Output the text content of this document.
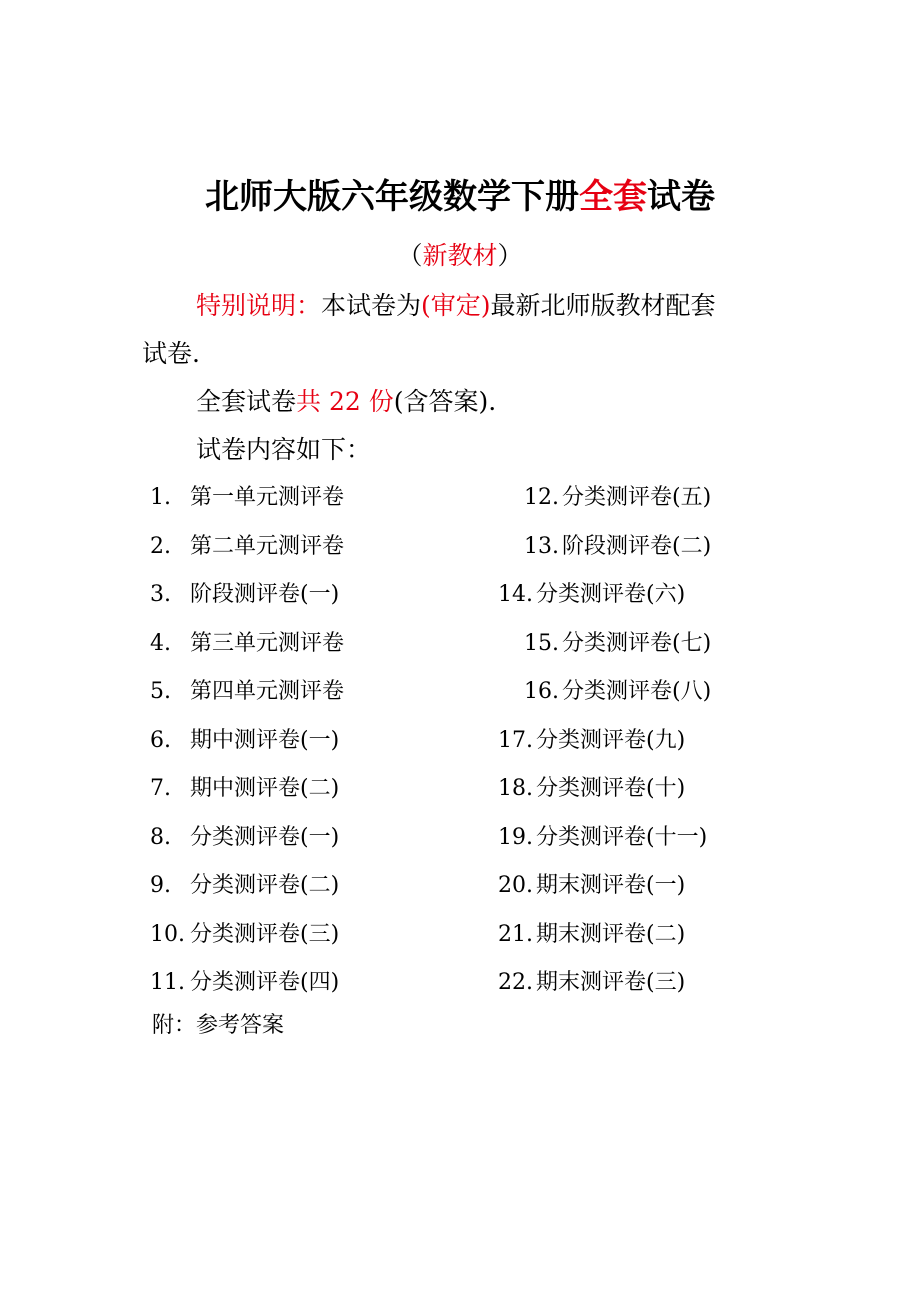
北师大版六年级数学下册全套试卷
（新教材）
特别说明：本试卷为(审定)最新北师版教材配套
试卷.
全套试卷共 22 份(含答案).
试卷内容如下：
1. 第一单元测评卷
2. 第二单元测评卷
3. 阶段测评卷(一)
4. 第三单元测评卷
5. 第四单元测评卷
6. 期中测评卷(一)
7. 期中测评卷(二)
8. 分类测评卷(一)
9. 分类测评卷(二)
10. 分类测评卷(三)
11. 分类测评卷(四)
12. 分类测评卷(五)
13. 阶段测评卷(二)
14. 分类测评卷(六)
15. 分类测评卷(七)
16. 分类测评卷(八)
17. 分类测评卷(九)
18. 分类测评卷(十)
19. 分类测评卷(十一)
20. 期末测评卷(一)
21. 期末测评卷(二)
22. 期末测评卷(三)
附：参考答案
